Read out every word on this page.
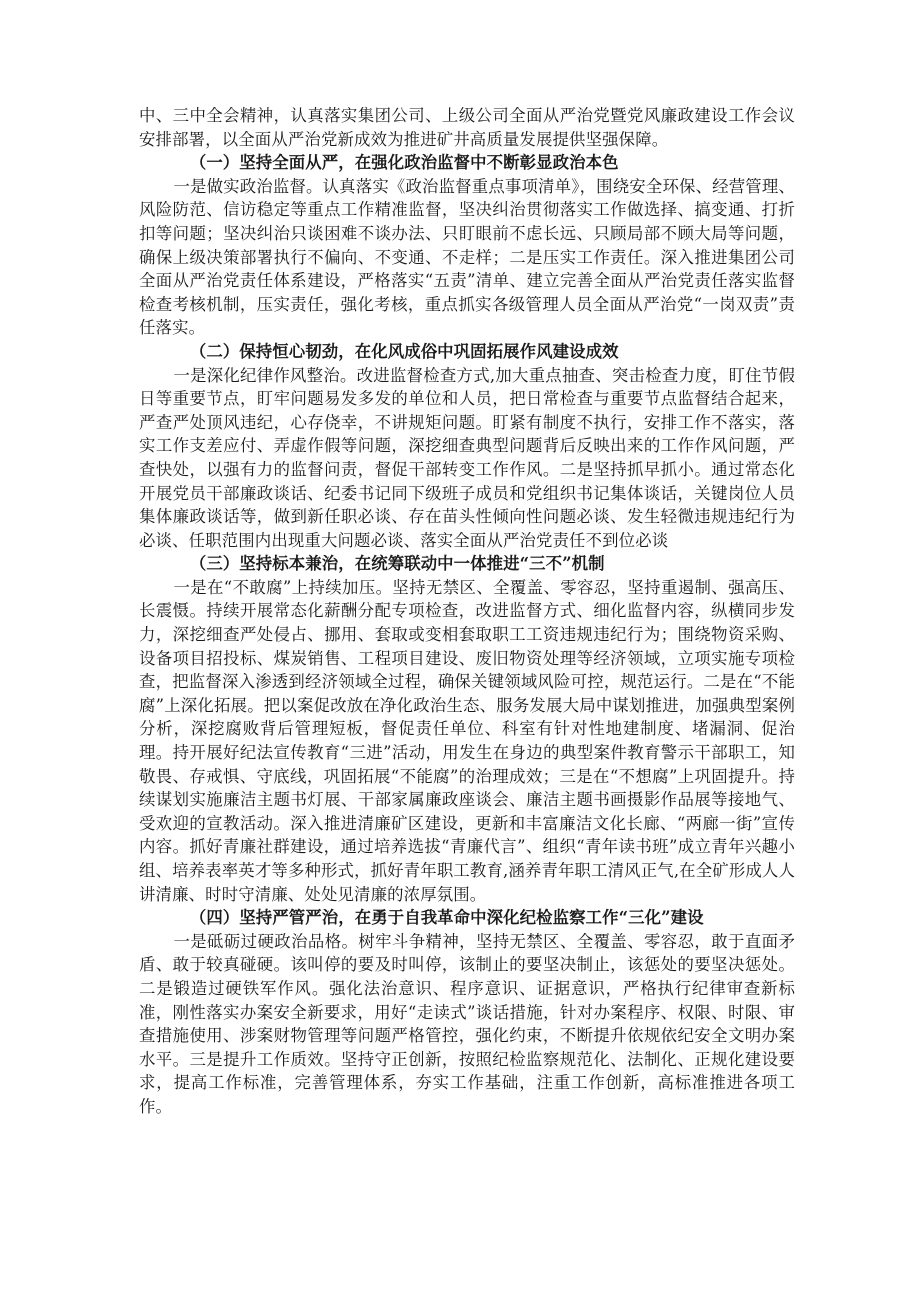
中、三中全会精神，认真落实集团公司、上级公司全面从严治党暨党风廉政建设工作会议安排部署，以全面从严治党新成效为推进矿井高质量发展提供坚强保障。

（一）坚持全面从严，在强化政治监督中不断彰显政治本色

一是做实政治监督。认真落实《政治监督重点事项清单》，围绕安全环保、经营管理、风险防范、信访稳定等重点工作精准监督，坚决纠治贯彻落实工作做选择、搞变通、打折扣等问题；坚决纠治只谈困难不谈办法、只盯眼前不虑长远、只顾局部不顾大局等问题，确保上级决策部署执行不偏向、不变通、不走样；二是压实工作责任。深入推进集团公司全面从严治党责任体系建设，严格落实“五责”清单、建立完善全面从严治党责任落实监督检查考核机制，压实责任，强化考核，重点抓实各级管理人员全面从严治党“一岗双责”责任落实。

（二）保持恒心韧劲，在化风成俗中巩固拓展作风建设成效

一是深化纪律作风整治。改进监督检查方式,加大重点抽查、突击检查力度，盯住节假日等重要节点，盯牢问题易发多发的单位和人员，把日常检查与重要节点监督结合起来，严查严处顶风违纪，心存侥幸，不讲规矩问题。盯紧有制度不执行，安排工作不落实，落实工作支差应付、弄虚作假等问题，深挖细查典型问题背后反映出来的工作作风问题，严查快处，以强有力的监督问责，督促干部转变工作作风。二是坚持抓早抓小。通过常态化开展党员干部廉政谈话、纪委书记同下级班子成员和党组织书记集体谈话，关键岗位人员集体廉政谈话等，做到新任职必谈、存在苗头性倾向性问题必谈、发生轻微违规违纪行为必谈、任职范围内出现重大问题必谈、落实全面从严治党责任不到位必谈

（三）坚持标本兼治，在统筹联动中一体推进“三不”机制

一是在“不敢腐”上持续加压。坚持无禁区、全覆盖、零容忍，坚持重遏制、强高压、长震慑。持续开展常态化薪酬分配专项检查，改进监督方式、细化监督内容，纵横同步发力，深挖细查严处侵占、挪用、套取或变相套取职工工资违规违纪行为；围绕物资采购、设备项目招投标、煤炭销售、工程项目建设、废旧物资处理等经济领域，立项实施专项检查，把监督深入渗透到经济领域全过程，确保关键领域风险可控，规范运行。二是在“不能腐”上深化拓展。把以案促改放在净化政治生态、服务发展大局中谋划推进，加强典型案例分析，深挖腐败背后管理短板，督促责任单位、科室有针对性地建制度、堵漏洞、促治理。持开展好纪法宣传教育“三进”活动，用发生在身边的典型案件教育警示干部职工，知敬畏、存戒惧、守底线，巩固拓展“不能腐”的治理成效；三是在“不想腐”上巩固提升。持续谋划实施廉洁主题书灯展、干部家属廉政座谈会、廉洁主题书画摄影作品展等接地气、受欢迎的宣教活动。深入推进清廉矿区建设，更新和丰富廉洁文化长廊、“两廊一街”宣传内容。抓好青廉社群建设，通过培养选拔“青廉代言”、组织“青年读书班”成立青年兴趣小组、培养表率英才等多种形式，抓好青年职工教育,涵养青年职工清风正气,在全矿形成人人讲清廉、时时守清廉、处处见清廉的浓厚氛围。

（四）坚持严管严治，在勇于自我革命中深化纪检监察工作“三化”建设

一是砥砺过硬政治品格。树牢斗争精神，坚持无禁区、全覆盖、零容忍，敢于直面矛盾、敢于较真碰硬。该叫停的要及时叫停，该制止的要坚决制止，该惩处的要坚决惩处。二是锻造过硬铁军作风。强化法治意识、程序意识、证据意识，严格执行纪律审查新标准，刚性落实办案安全新要求，用好“走读式”谈话措施，针对办案程序、权限、时限、审查措施使用、涉案财物管理等问题严格管控，强化约束，不断提升依规依纪安全文明办案水平。三是提升工作质效。坚持守正创新，按照纪检监察规范化、法制化、正规化建设要求，提高工作标准，完善管理体系，夯实工作基础，注重工作创新，高标准推进各项工作。
